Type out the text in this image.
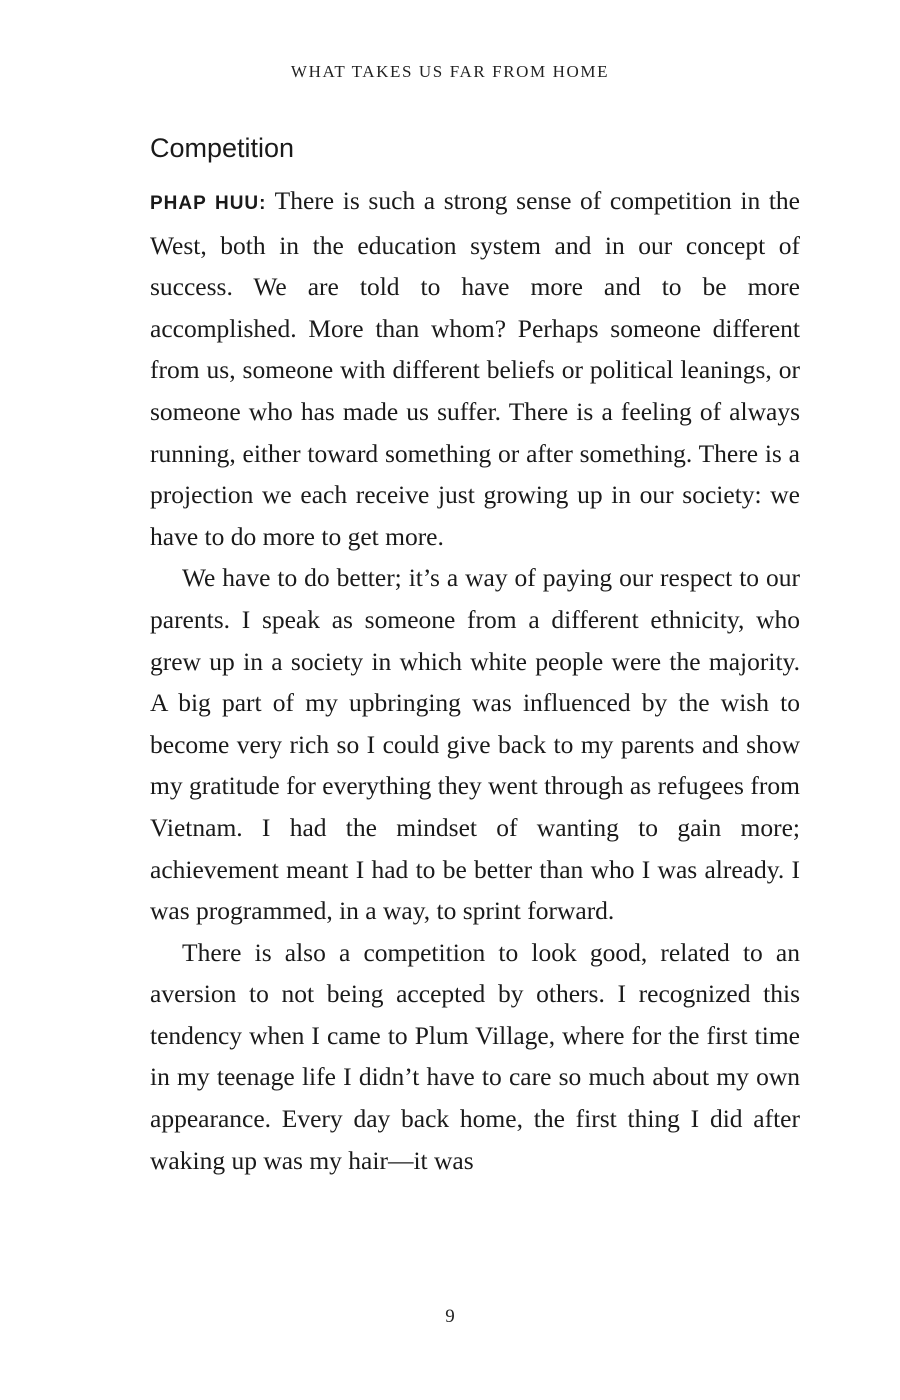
WHAT TAKES US FAR FROM HOME
Competition

PHAP HUU: There is such a strong sense of competition in the West, both in the education system and in our concept of success. We are told to have more and to be more accomplished. More than whom? Perhaps someone different from us, someone with different beliefs or political leanings, or someone who has made us suffer. There is a feeling of always running, either toward something or after something. There is a projection we each receive just growing up in our society: we have to do more to get more.

We have to do better; it’s a way of paying our respect to our parents. I speak as someone from a different ethnicity, who grew up in a society in which white people were the majority. A big part of my upbringing was influenced by the wish to become very rich so I could give back to my parents and show my gratitude for everything they went through as refugees from Vietnam. I had the mindset of wanting to gain more; achievement meant I had to be better than who I was already. I was programmed, in a way, to sprint forward.

There is also a competition to look good, related to an aversion to not being accepted by others. I recognized this tendency when I came to Plum Village, where for the first time in my teenage life I didn’t have to care so much about my own appearance. Every day back home, the first thing I did after waking up was my hair—it was

9
